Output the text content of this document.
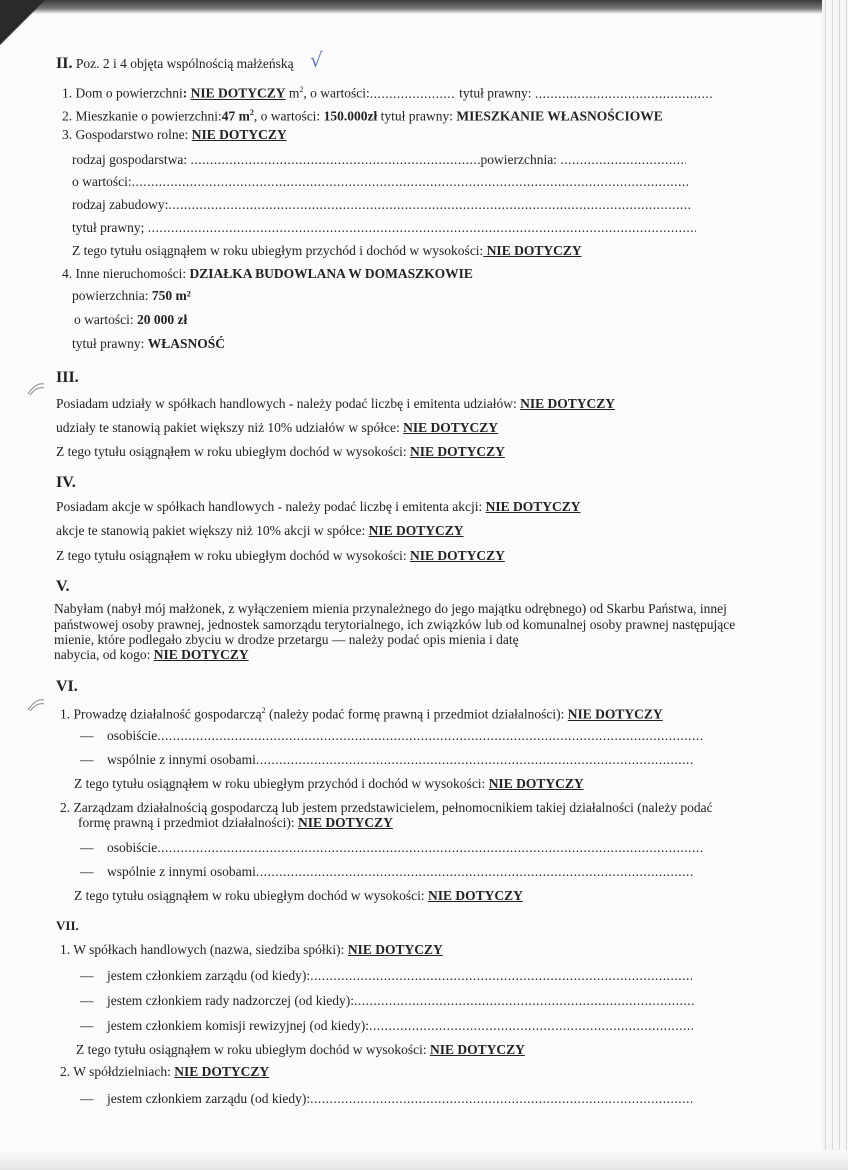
II. Poz. 2 i 4 objęta wspólnością małżeńską √
1. Dom o powierzchni: NIE DOTYCZY $m^2$, o wartości: .....	tytuł prawny: .....
2. Mieszkanie o powierzchni:47 $m^2$, o wartości: 150.000zł tytuł prawny: MIESZKANIE WŁASNOŚCIOWE
3. Gospodarstwo rolne: NIE DOTYCZY
rodzaj gospodarstwa: .....	powierzchnia: .....
o wartości:.....
rodzaj zabudowy:.....
tytuł prawny; .....
Z tego tytułu osiągnąłem w roku ubiegłym przychód i dochód w wysokości: NIE DOTYCZY
4. Inne nieruchomości: DZIAŁKA BUDOWLANA W DOMASZKOWIE
powierzchnia: 750 m²
o wartości: 20 000 zł
tytuł prawny: WŁASNOŚĆ
III.
Posiadam udziały w spółkach handlowych - należy podać liczbę i emitenta udziałów: NIE DOTYCZY
udziały te stanowią pakiet większy niż 10% udziałów w spółce: NIE DOTYCZY
Z tego tytułu osiągnąłem w roku ubiegłym dochód w wysokości: NIE DOTYCZY
IV.
Posiadam akcje w spółkach handlowych - należy podać liczbę i emitenta akcji: NIE DOTYCZY
akcje te stanowią pakiet większy niż 10% akcji w spółce: NIE DOTYCZY
Z tego tytułu osiągnąłem w roku ubiegłym dochód w wysokości: NIE DOTYCZY
V.
Nabyłam (nabył mój małżonek, z wyłączeniem mienia przynależnego do jego majątku odrębnego) od Skarbu Państwa, innej
państwowej osoby prawnej, jednostek samorządu terytorialnego, ich związków lub od komunalnej osoby prawnej następujące
mienie, które podlegało zbyciu w drodze przetargu — należy podać opis mienia i datę
nabycia, od kogo: NIE DOTYCZY
VI.
1. Prowadzę działalność gospodarczą$^2$ (należy podać formę prawną i przedmiot działalności): NIE DOTYCZY
— osobiście.....
— wspólnie z innymi osobami.....
Z tego tytułu osiągnąłem w roku ubiegłym przychód i dochód w wysokości: NIE DOTYCZY
2. Zarządzam działalnością gospodarczą lub jestem przedstawicielem, pełnomocnikiem takiej działalności (należy podać
formę prawną i przedmiot działalności): NIE DOTYCZY
— osobiście.....
— wspólnie z innymi osobami.....
Z tego tytułu osiągnąłem w roku ubiegłym dochód w wysokości: NIE DOTYCZY
VII.
1. W spółkach handlowych (nazwa, siedziba spółki): NIE DOTYCZY
— jestem członkiem zarządu (od kiedy):.....
— jestem członkiem rady nadzorczej (od kiedy):.....
— jestem członkiem komisji rewizyjnej (od kiedy):.....
Z tego tytułu osiągnąłem w roku ubiegłym dochód w wysokości: NIE DOTYCZY
2. W spółdzielniach: NIE DOTYCZY
— jestem członkiem zarządu (od kiedy):.....
